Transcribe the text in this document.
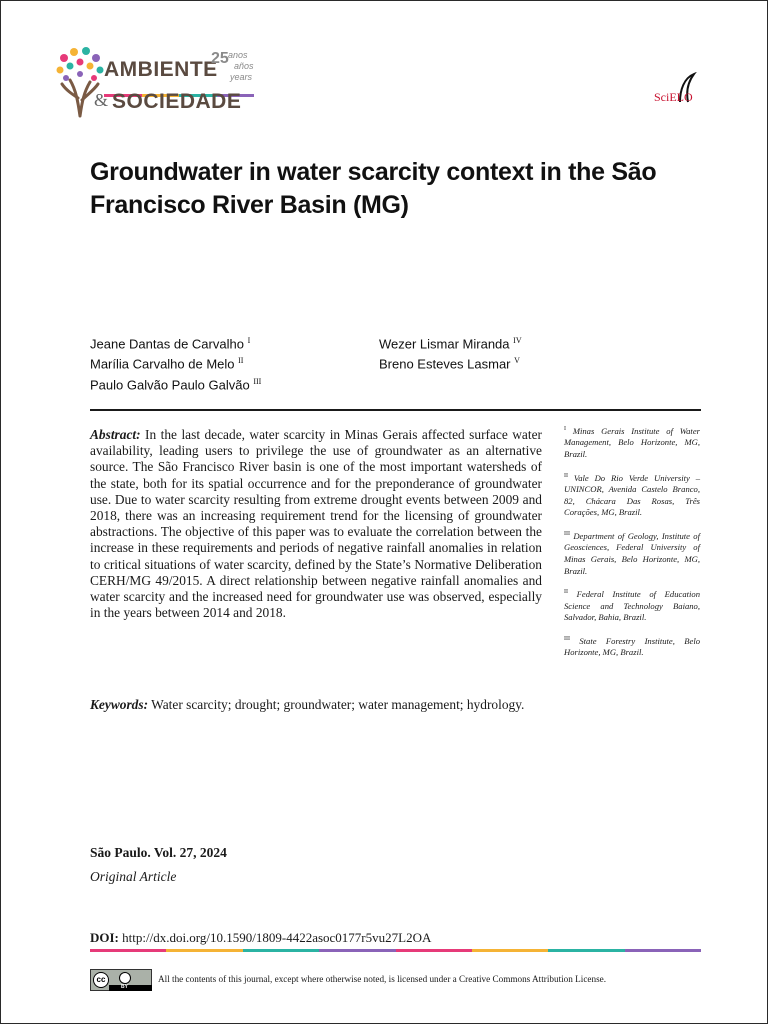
AMBIENTE
& SOCIEDADE
25 anos
años
years
SciELO
Groundwater in water scarcity context in the São Francisco River Basin (MG)
Jeane Dantas de Carvalho $^I$
Marília Carvalho de Melo $^{II}$
Paulo Galvão Paulo Galvão $^{III}$
Wezer Lismar Miranda $^{IV}$
Breno Esteves Lasmar $^V$

Abstract: In the last decade, water scarcity in Minas Gerais affected surface water availability, leading users to privilege the use of groundwater as an alternative source. The São Francisco River basin is one of the most important watersheds of the state, both for its spatial occurrence and for the preponderance of groundwater use. Due to water scarcity resulting from extreme drought events between 2009 and 2018, there was an increasing requirement trend for the licensing of groundwater abstractions. The objective of this paper was to evaluate the correlation between the increase in these requirements and periods of negative rainfall anomalies in relation to critical situations of water scarcity, defined by the State’s Normative Deliberation CERH/MG 49/2015. A direct relationship between negative rainfall anomalies and water scarcity and the increased need for groundwater use was observed, especially in the years between 2014 and 2018.

Keywords: Water scarcity; drought; groundwater; water management; hydrology.

$^I$ Minas Gerais Institute of Water Management, Belo Horizonte, MG, Brazil.
$^{II}$ Vale Do Rio Verde University – UNINCOR, Avenida Castelo Branco, 82, Chácara Das Rosas, Três Corações, MG, Brazil.
$^{III}$ Department of Geology, Institute of Geosciences, Federal University of Minas Gerais, Belo Horizonte, MG, Brazil.
$^{II}$ Federal Institute of Education Science and Technology Baiano, Salvador, Bahia, Brazil.
$^{III}$ State Forestry Institute, Belo Horizonte, MG, Brazil.
São Paulo. Vol. 27, 2024
Original Article
DOI: http://dx.doi.org/10.1590/1809-4422asoc0177r5vu27L2OA
cc
BY
All the contents of this journal, except where otherwise noted, is licensed under a Creative Commons Attribution License.
